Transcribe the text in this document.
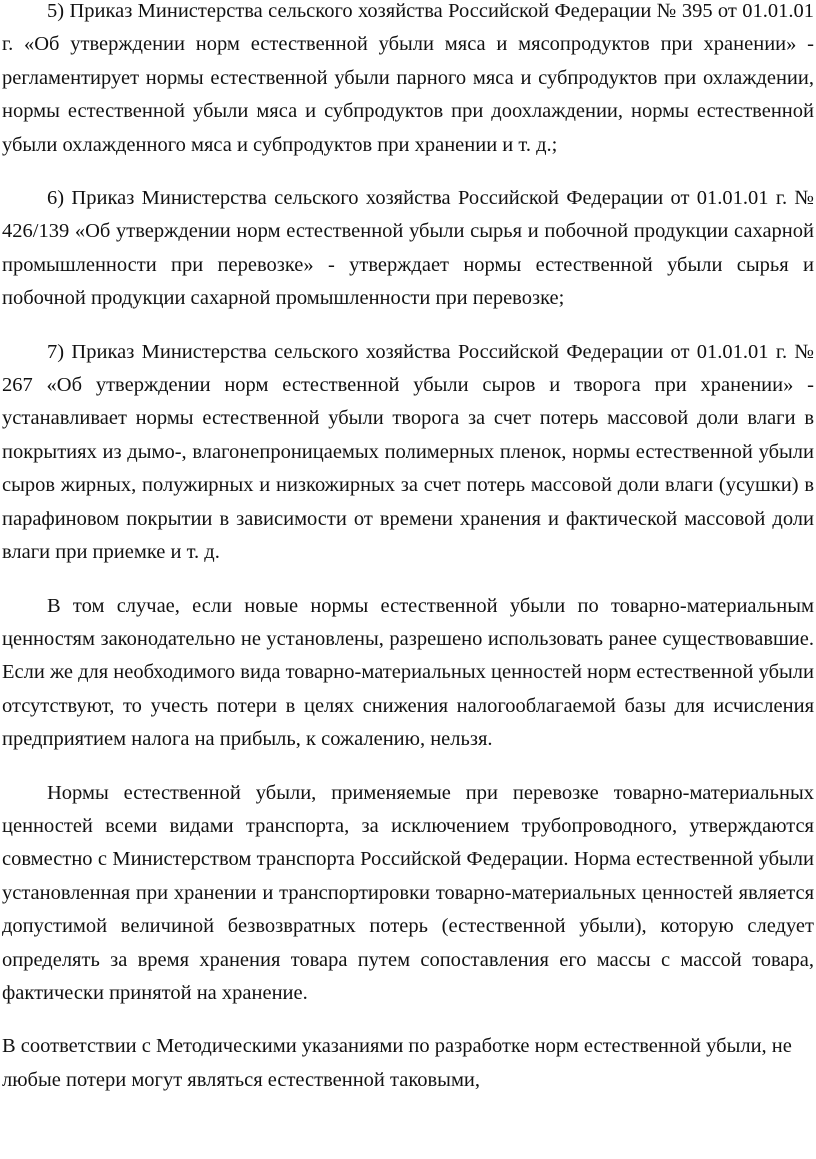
5) Приказ Министерства сельского хозяйства Российской Федерации № 395 от 01.01.01 г. «Об утверждении норм естественной убыли мяса и мясопродуктов при хранении» - регламентирует нормы естественной убыли парного мяса и субпродуктов при охлаждении, нормы естественной убыли мяса и субпродуктов при доохлаждении, нормы естественной убыли охлажденного мяса и субпродуктов при хранении и т. д.;

6) Приказ Министерства сельского хозяйства Российской Федерации от 01.01.01 г. № 426/139 «Об утверждении норм естественной убыли сырья и побочной продукции сахарной промышленности при перевозке» - утверждает нормы естественной убыли сырья и побочной продукции сахарной промышленности при перевозке;

7) Приказ Министерства сельского хозяйства Российской Федерации от 01.01.01 г. № 267 «Об утверждении норм естественной убыли сыров и творога при хранении» - устанавливает нормы естественной убыли творога за счет потерь массовой доли влаги в покрытиях из дымо-, влагонепроницаемых полимерных пленок, нормы естественной убыли сыров жирных, полужирных и низкожирных за счет потерь массовой доли влаги (усушки) в парафиновом покрытии в зависимости от времени хранения и фактической массовой доли влаги при приемке и т. д.

В том случае, если новые нормы естественной убыли по товарно-материальным ценностям законодательно не установлены, разрешено использовать ранее существовавшие. Если же для необходимого вида товарно-материальных ценностей норм естественной убыли отсутствуют, то учесть потери в целях снижения налогооблагаемой базы для исчисления предприятием налога на прибыль, к сожалению, нельзя.

Нормы естественной убыли, применяемые при перевозке товарно-материальных ценностей всеми видами транспорта, за исключением трубопроводного, утверждаются совместно с Министерством транспорта Российской Федерации. Норма естественной убыли установленная при хранении и транспортировки товарно-материальных ценностей является допустимой величиной безвозвратных потерь (естественной убыли), которую следует определять за время хранения товара путем сопоставления его массы с массой товара, фактически принятой на хранение.

В соответствии с Методическими указаниями по разработке норм естественной убыли, не любые потери могут являться естественной таковыми,
